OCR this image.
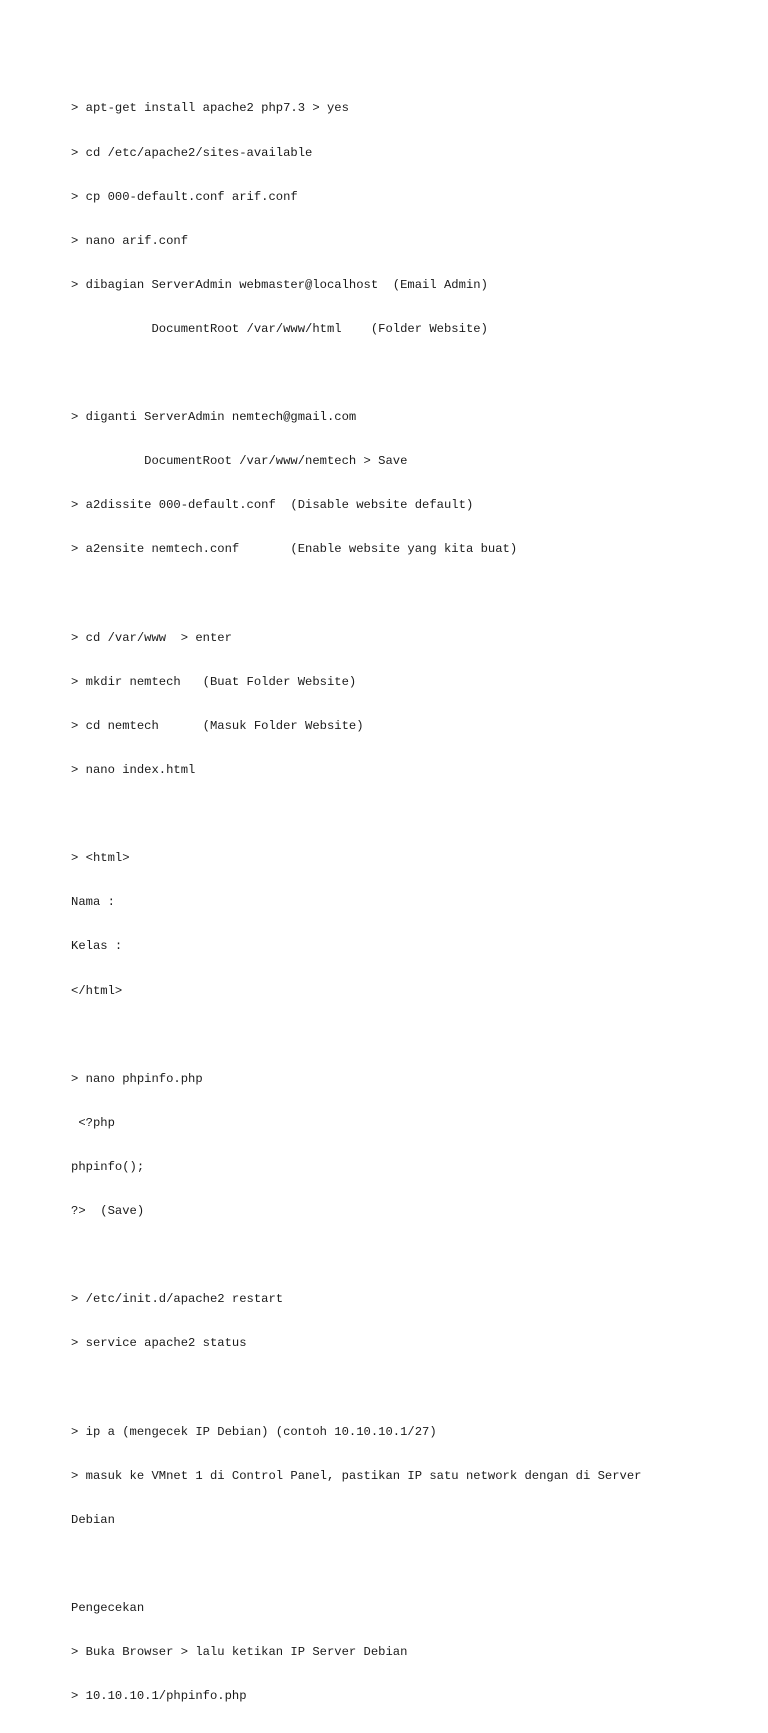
> apt-get install apache2 php7.3 > yes

> cd /etc/apache2/sites-available

> cp 000-default.conf arif.conf

> nano arif.conf

> dibagian ServerAdmin webmaster@localhost  (Email Admin)

DocumentRoot /var/www/html    (Folder Website)

> diganti ServerAdmin nemtech@gmail.com

DocumentRoot /var/www/nemtech > Save

> a2dissite 000-default.conf  (Disable website default)

> a2ensite nemtech.conf       (Enable website yang kita buat)

> cd /var/www  > enter

> mkdir nemtech   (Buat Folder Website)

> cd nemtech      (Masuk Folder Website)

> nano index.html

> <html>

Nama :

Kelas :

</html>

> nano phpinfo.php

<?php

phpinfo();

?>  (Save)

> /etc/init.d/apache2 restart

> service apache2 status

> ip a (mengecek IP Debian) (contoh 10.10.10.1/27)

> masuk ke VMnet 1 di Control Panel, pastikan IP satu network dengan di Server

Debian

Pengecekan

> Buka Browser > lalu ketikan IP Server Debian

> 10.10.10.1/phpinfo.php
